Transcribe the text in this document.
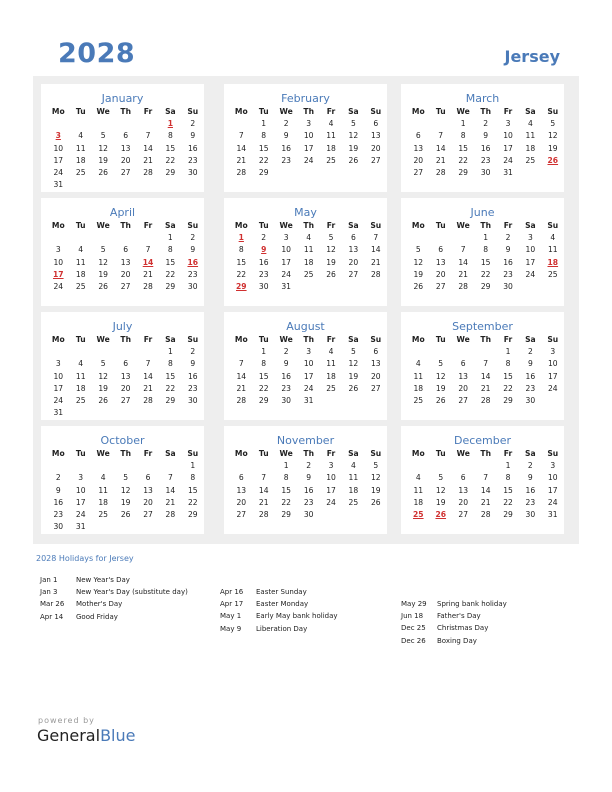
2028	Jersey
January
Mo	Tu	We	Th	Fr	Sa	Su
					1	2
3	4	5	6	7	8	9
10	11	12	13	14	15	16
17	18	19	20	21	22	23
24	25	26	27	28	29	30
31						
February
Mo	Tu	We	Th	Fr	Sa	Su
	1	2	3	4	5	6
7	8	9	10	11	12	13
14	15	16	17	18	19	20
21	22	23	24	25	26	27
28	29					
March
Mo	Tu	We	Th	Fr	Sa	Su
		1	2	3	4	5
6	7	8	9	10	11	12
13	14	15	16	17	18	19
20	21	22	23	24	25	26
27	28	29	30	31		
April
Mo	Tu	We	Th	Fr	Sa	Su
					1	2
3	4	5	6	7	8	9
10	11	12	13	14	15	16
17	18	19	20	21	22	23
24	25	26	27	28	29	30
May
Mo	Tu	We	Th	Fr	Sa	Su
1	2	3	4	5	6	7
8	9	10	11	12	13	14
15	16	17	18	19	20	21
22	23	24	25	26	27	28
29	30	31				
June
Mo	Tu	We	Th	Fr	Sa	Su
			1	2	3	4
5	6	7	8	9	10	11
12	13	14	15	16	17	18
19	20	21	22	23	24	25
26	27	28	29	30		
July
Mo	Tu	We	Th	Fr	Sa	Su
					1	2
3	4	5	6	7	8	9
10	11	12	13	14	15	16
17	18	19	20	21	22	23
24	25	26	27	28	29	30
31						
August
Mo	Tu	We	Th	Fr	Sa	Su
	1	2	3	4	5	6
7	8	9	10	11	12	13
14	15	16	17	18	19	20
21	22	23	24	25	26	27
28	29	30	31			
September
Mo	Tu	We	Th	Fr	Sa	Su
				1	2	3
4	5	6	7	8	9	10
11	12	13	14	15	16	17
18	19	20	21	22	23	24
25	26	27	28	29	30	
October
Mo	Tu	We	Th	Fr	Sa	Su
						1
2	3	4	5	6	7	8
9	10	11	12	13	14	15
16	17	18	19	20	21	22
23	24	25	26	27	28	29
30	31					
November
Mo	Tu	We	Th	Fr	Sa	Su
		1	2	3	4	5
6	7	8	9	10	11	12
13	14	15	16	17	18	19
20	21	22	23	24	25	26
27	28	29	30			
December
Mo	Tu	We	Th	Fr	Sa	Su
				1	2	3
4	5	6	7	8	9	10
11	12	13	14	15	16	17
18	19	20	21	22	23	24
25	26	27	28	29	30	31
2028 Holidays for Jersey
Jan 1	New Year's Day
Jan 3	New Year's Day (substitute day)
Mar 26 Mother's Day
Apr 14 Good Friday
Apr 16 Easter Sunday
Apr 17 Easter Monday
May 1 Early May bank holiday
May 9 Liberation Day
May 29 Spring bank holiday
Jun 18 Father's Day
Dec 25 Christmas Day
Dec 26 Boxing Day
powered by
GeneralBlue
